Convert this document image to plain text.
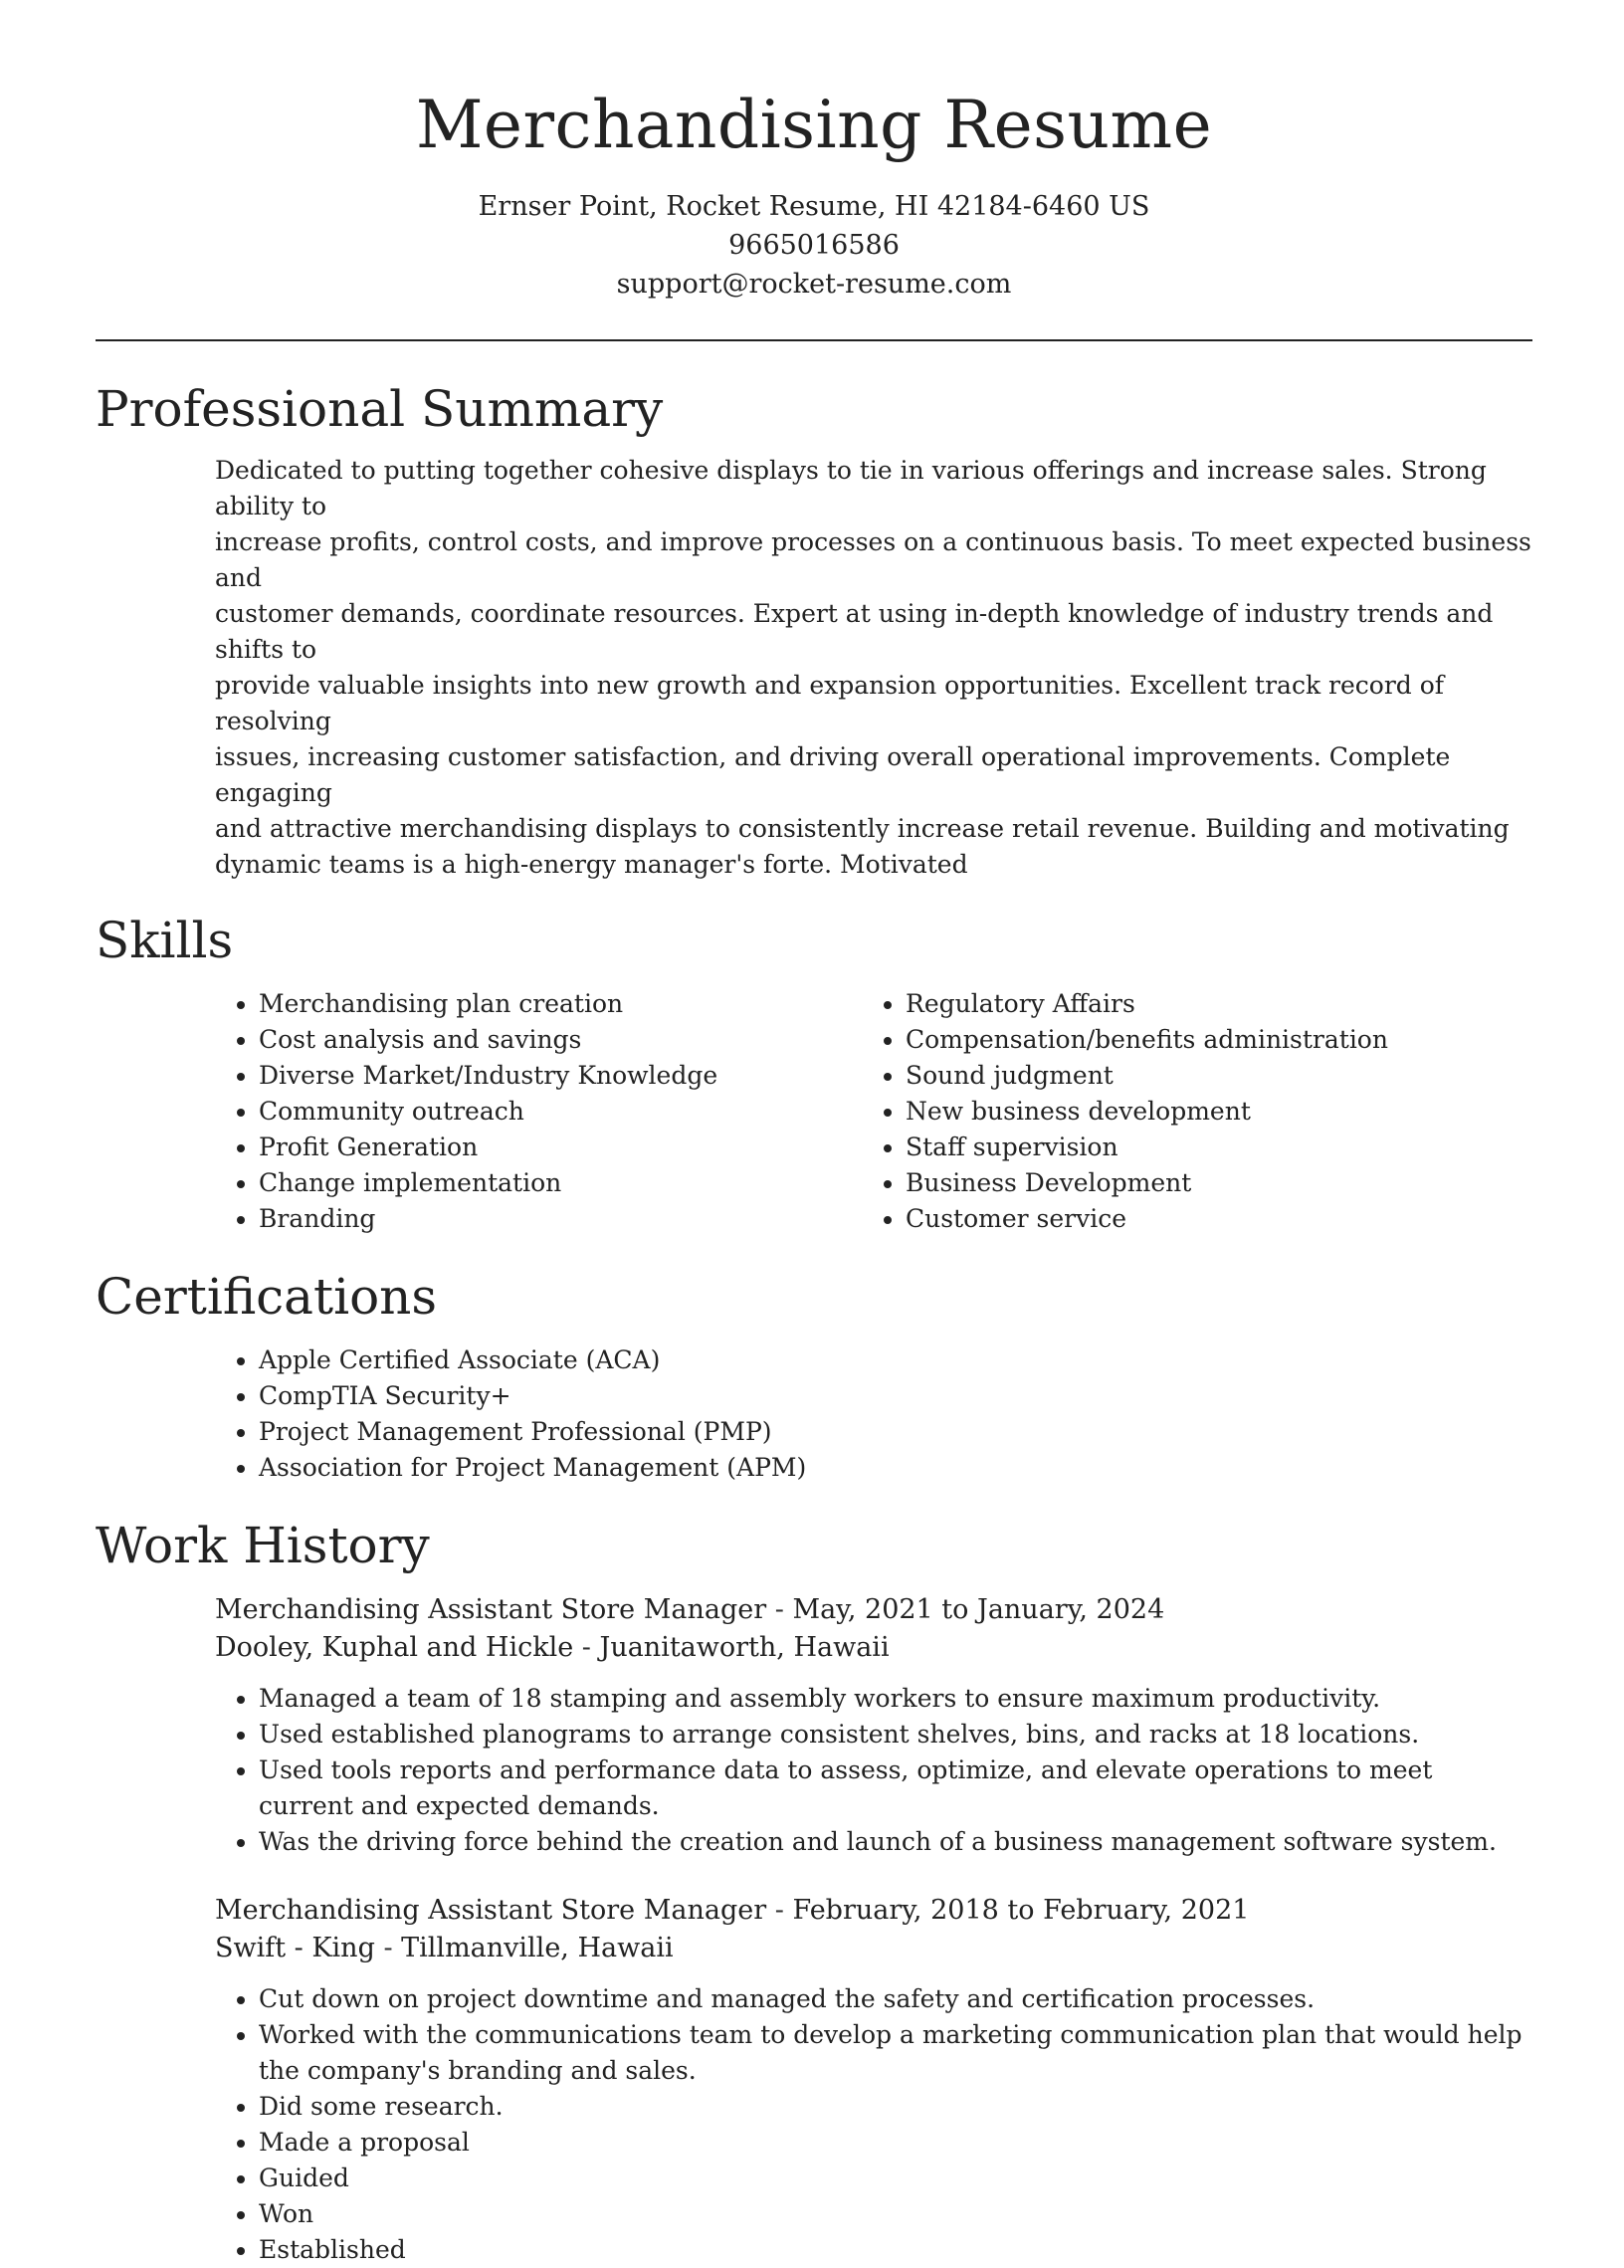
Merchandising Resume
Ernser Point, Rocket Resume, HI 42184-6460 US
9665016586
support@rocket-resume.com
Professional Summary
Dedicated to putting together cohesive displays to tie in various offerings and increase sales. Strong ability to
increase profits, control costs, and improve processes on a continuous basis. To meet expected business and
customer demands, coordinate resources. Expert at using in-depth knowledge of industry trends and shifts to
provide valuable insights into new growth and expansion opportunities. Excellent track record of resolving
issues, increasing customer satisfaction, and driving overall operational improvements. Complete engaging
and attractive merchandising displays to consistently increase retail revenue. Building and motivating
dynamic teams is a high-energy manager's forte. Motivated
Skills
• Merchandising plan creation
• Cost analysis and savings
• Diverse Market/Industry Knowledge
• Community outreach
• Profit Generation
• Change implementation
• Branding
• Regulatory Affairs
• Compensation/benefits administration
• Sound judgment
• New business development
• Staff supervision
• Business Development
• Customer service
Certifications
• Apple Certified Associate (ACA)
• CompTIA Security+
• Project Management Professional (PMP)
• Association for Project Management (APM)
Work History
Merchandising Assistant Store Manager - May, 2021 to January, 2024
Dooley, Kuphal and Hickle - Juanitaworth, Hawaii
• Managed a team of 18 stamping and assembly workers to ensure maximum productivity.
• Used established planograms to arrange consistent shelves, bins, and racks at 18 locations.
• Used tools reports and performance data to assess, optimize, and elevate operations to meet current and expected demands.
• Was the driving force behind the creation and launch of a business management software system.
Merchandising Assistant Store Manager - February, 2018 to February, 2021
Swift - King - Tillmanville, Hawaii
• Cut down on project downtime and managed the safety and certification processes.
• Worked with the communications team to develop a marketing communication plan that would help the company's branding and sales.
• Did some research.
• Made a proposal
• Guided
• Won
• Established
